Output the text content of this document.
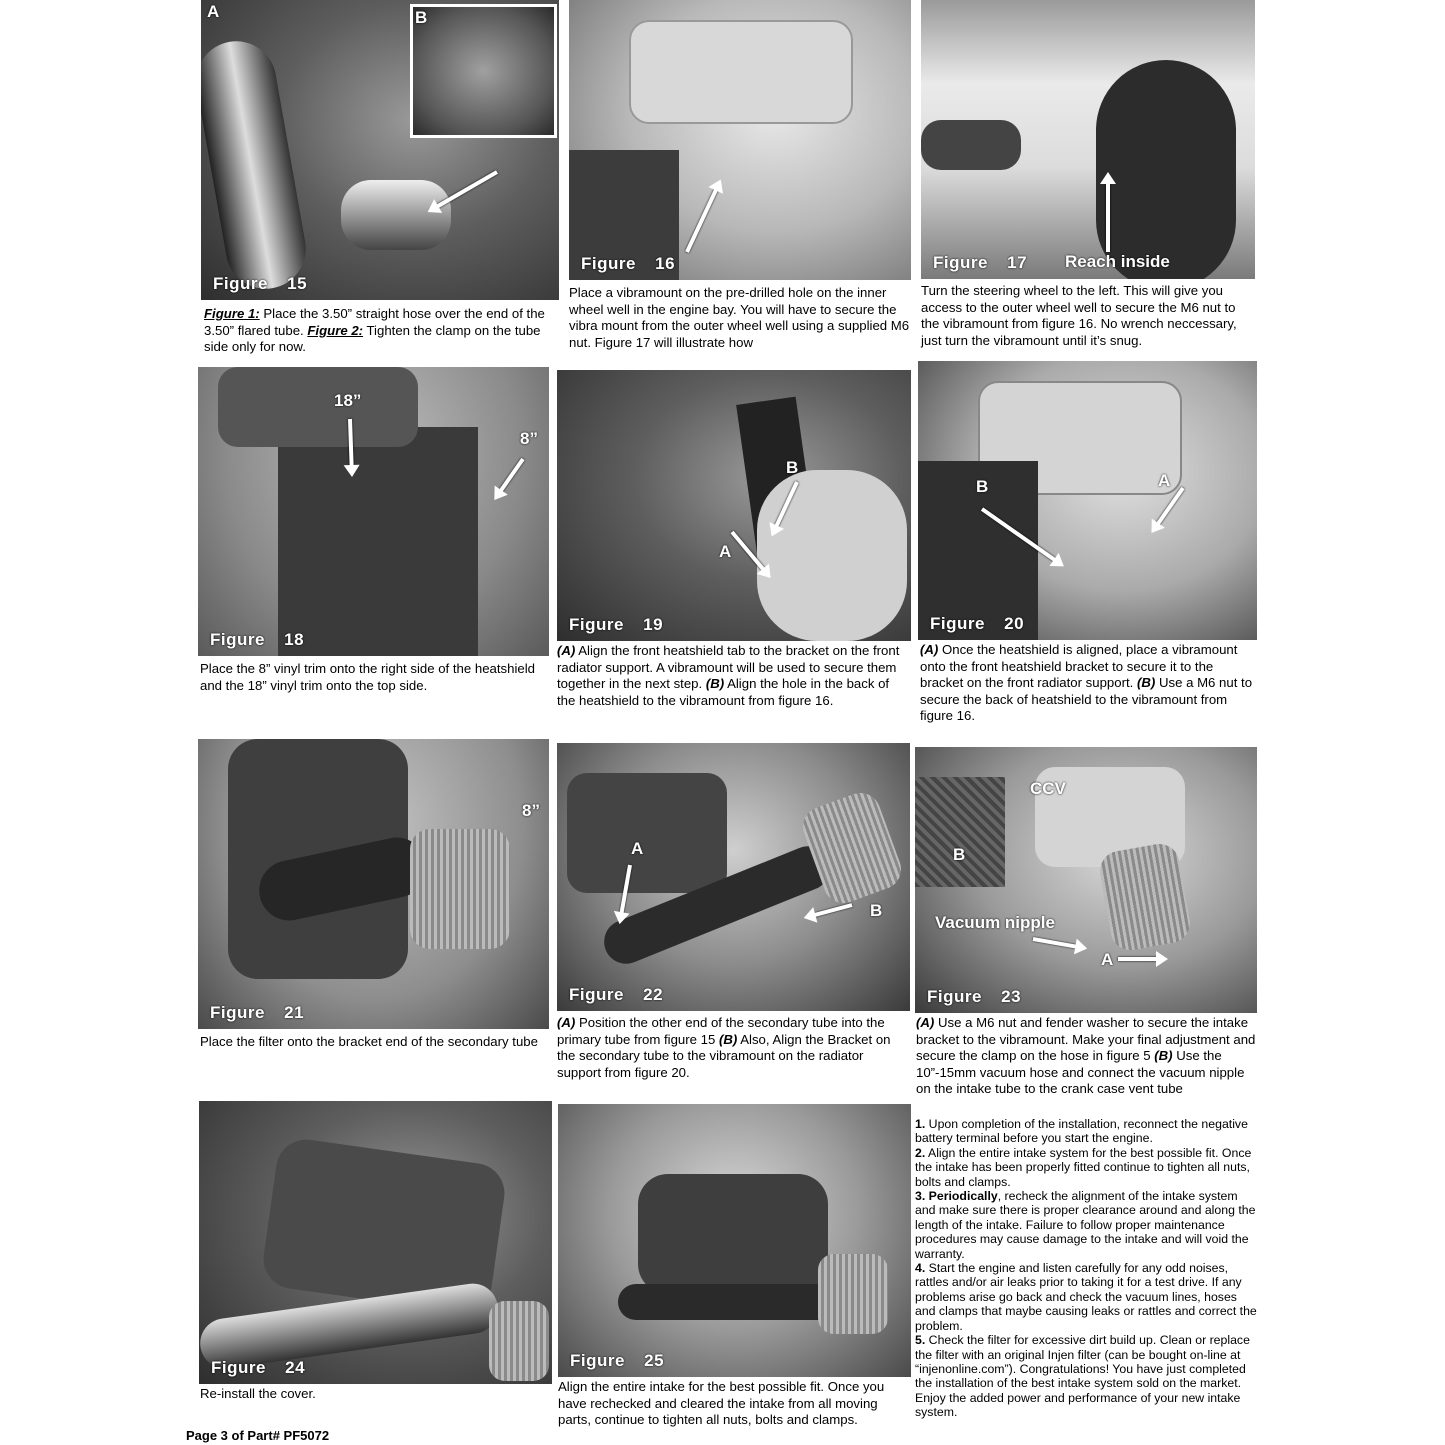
A	B
Figure 15
Figure 16	Reach inside
Figure 17
Figure 1: Place the 3.50” straight hose over the end of the 3.50” flared tube. Figure 2: Tighten the clamp on the tube side only for now.
Place a vibramount on the pre-drilled hole on the inner wheel well in the engine bay. You will have to secure the vibra mount from the outer wheel well using a supplied M6 nut. Figure 17 will illustrate how
Turn the steering wheel to the left. This will give you access to the outer wheel well to secure the M6 nut to the vibramount from figure 16. No wrench neccessary, just turn the vibramount until it’s snug.
18”
8”
Figure 18
A
B
Figure 19
A
B
Figure 20
Place the 8” vinyl trim onto the right side of the heatshield and the 18” vinyl trim onto the top side.
(A) Align the front heatshield tab to the bracket on the front radiator support. A vibramount will be used to secure them together in the next step. (B) Align the hole in the back of the heatshield to the vibramount from figure 16.
(A) Once the heatshield is aligned, place a vibramount onto the front heatshield bracket to secure it to the bracket on the front radiator support. (B) Use a M6 nut to secure the back of heatshield to the vibramount from figure 16.
8”
Figure 21
A
B
Figure 22
CCV
B
Vacuum nipple
A
Figure 23
Place the filter onto the bracket end of the secondary tube
(A) Position the other end of the secondary tube into the primary tube from figure 15 (B) Also, Align the Bracket on the secondary tube to the vibramount on the radiator support from figure 20.
(A) Use a M6 nut and fender washer to secure the intake bracket to the vibramount. Make your final adjustment and secure the clamp on the hose in figure 5 (B) Use the 10”-15mm vacuum hose and connect the vacuum nipple on the intake tube to the crank case vent tube
Figure 24	Figure 25
Re-install the cover.	Align the entire intake for the best possible fit. Once you have rechecked and cleared the intake from all moving parts, continue to tighten all nuts, bolts and clamps.

1. Upon completion of the installation, reconnect the negative battery terminal before you start the engine.

2. Align the entire intake system for the best possible fit. Once the intake has been properly fitted continue to tighten all nuts, bolts and clamps.

3. Periodically, recheck the alignment of the intake system and make sure there is proper clearance around and along the length of the intake. Failure to follow proper maintenance procedures may cause damage to the intake and will void the warranty.

4. Start the engine and listen carefully for any odd noises, rattles and/or air leaks prior to taking it for a test drive. If any problems arise go back and check the vacuum lines, hoses and clamps that maybe causing leaks or rattles and correct the problem.

5. Check the filter for excessive dirt build up. Clean or replace the filter with an original Injen filter (can be bought on-line at “injenonline.com”). Congratulations! You have just completed the installation of the best intake system sold on the market. Enjoy the added power and performance of your new intake system.

Page 3 of Part# PF5072
